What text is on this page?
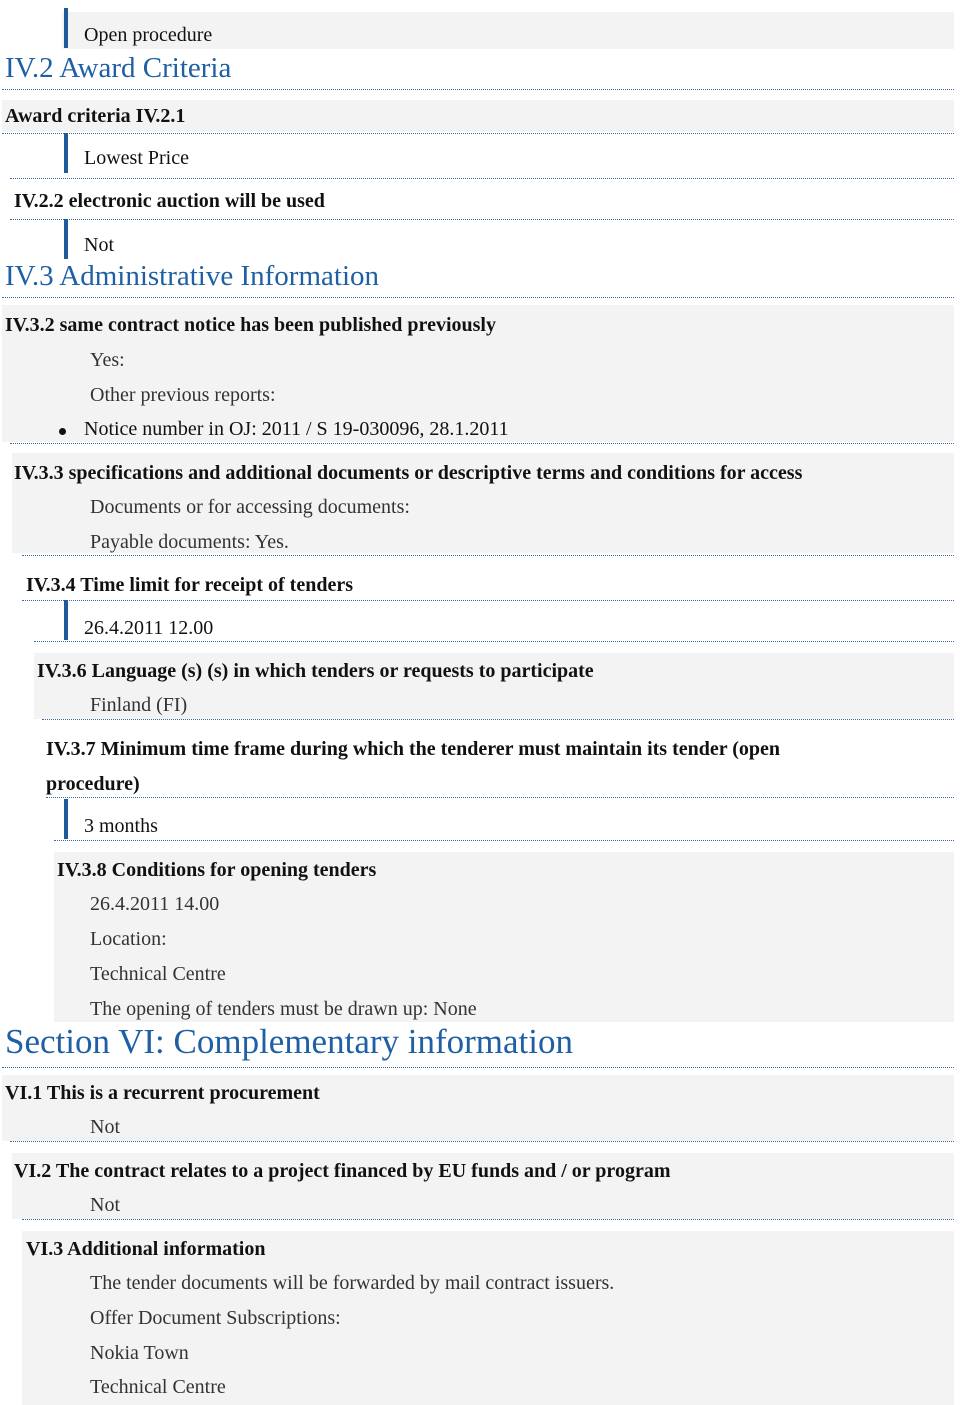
Open procedure
IV.2 Award Criteria
Award criteria IV.2.1
Lowest Price
IV.2.2 electronic auction will be used
Not
IV.3 Administrative Information
IV.3.2 same contract notice has been published previously
Yes:
Other previous reports:
Notice number in OJ: 2011 / S 19-030096, 28.1.2011
IV.3.3 specifications and additional documents or descriptive terms and conditions for access
Documents or for accessing documents:
Payable documents: Yes.
IV.3.4 Time limit for receipt of tenders
26.4.2011 12.00
IV.3.6 Language (s) (s) in which tenders or requests to participate
Finland (FI)
IV.3.7 Minimum time frame during which the tenderer must maintain its tender (open
procedure)
3 months
IV.3.8 Conditions for opening tenders
26.4.2011 14.00
Location:
Technical Centre
The opening of tenders must be drawn up: None
Section VI: Complementary information
VI.1 This is a recurrent procurement
Not
VI.2 The contract relates to a project financed by EU funds and / or program
Not
VI.3 Additional information
The tender documents will be forwarded by mail contract issuers.
Offer Document Subscriptions:
Nokia Town
Technical Centre
